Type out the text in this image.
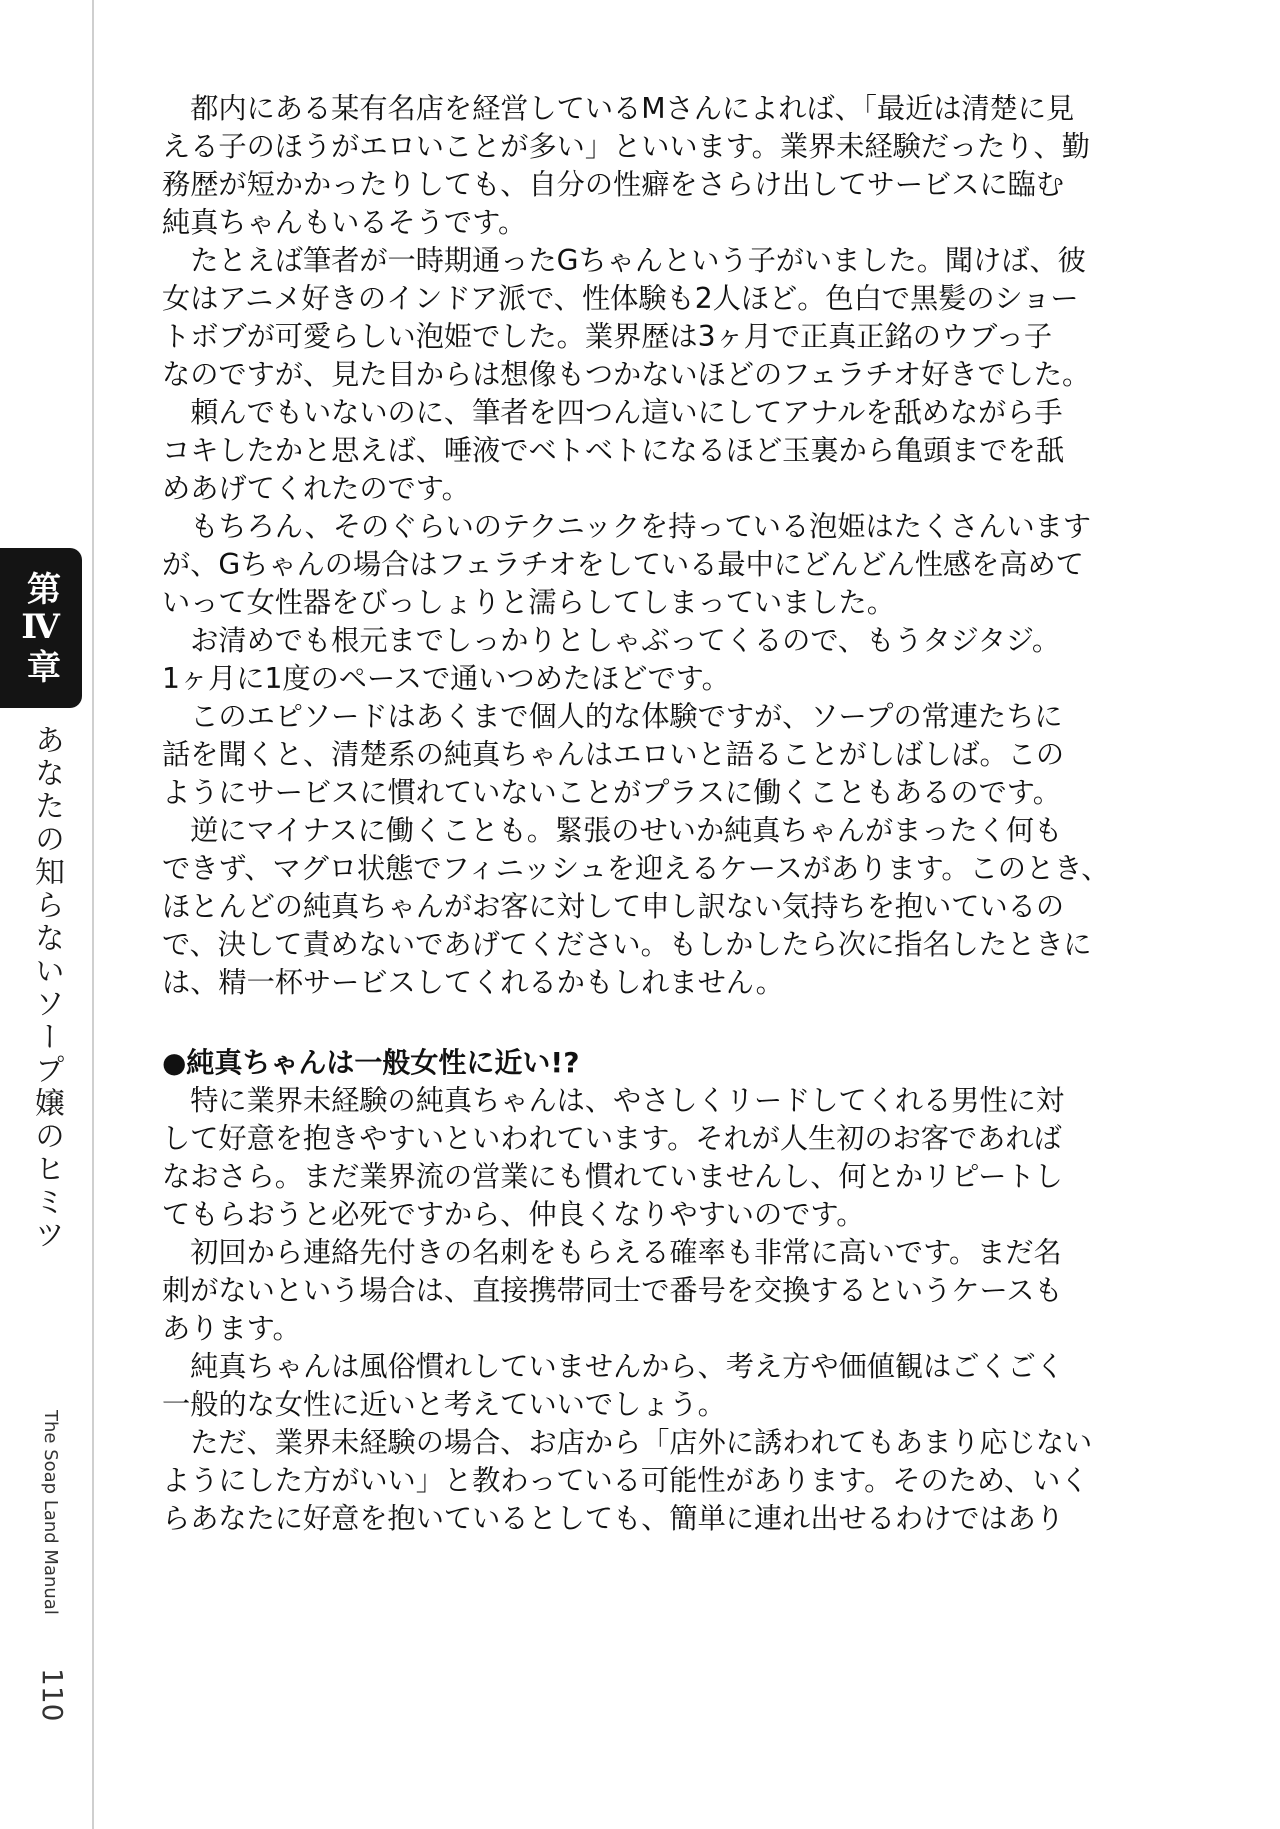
第Ⅳ章
あなたの知らないソープ嬢のヒミツ
The Soap Land Manual
110
　都内にある某有名店を経営しているMさんによれば、「最近は清楚に見
える子のほうがエロいことが多い」といいます。業界未経験だったり、勤
務歴が短かかったりしても、自分の性癖をさらけ出してサービスに臨む
純真ちゃんもいるそうです。
　たとえば筆者が一時期通ったGちゃんという子がいました。聞けば、彼
女はアニメ好きのインドア派で、性体験も2人ほど。色白で黒髪のショー
トボブが可愛らしい泡姫でした。業界歴は3ヶ月で正真正銘のウブっ子
なのですが、見た目からは想像もつかないほどのフェラチオ好きでした。
　頼んでもいないのに、筆者を四つん這いにしてアナルを舐めながら手
コキしたかと思えば、唾液でベトベトになるほど玉裏から亀頭までを舐
めあげてくれたのです。
　もちろん、そのぐらいのテクニックを持っている泡姫はたくさんいます
が、Gちゃんの場合はフェラチオをしている最中にどんどん性感を高めて
いって女性器をびっしょりと濡らしてしまっていました。
　お清めでも根元までしっかりとしゃぶってくるので、もうタジタジ。
1ヶ月に1度のペースで通いつめたほどです。
　このエピソードはあくまで個人的な体験ですが、ソープの常連たちに
話を聞くと、清楚系の純真ちゃんはエロいと語ることがしばしば。この
ようにサービスに慣れていないことがプラスに働くこともあるのです。
　逆にマイナスに働くことも。緊張のせいか純真ちゃんがまったく何も
できず、マグロ状態でフィニッシュを迎えるケースがあります。このとき、
ほとんどの純真ちゃんがお客に対して申し訳ない気持ちを抱いているの
で、決して責めないであげてください。もしかしたら次に指名したときに
は、精一杯サービスしてくれるかもしれません。
●純真ちゃんは一般女性に近い!?
　特に業界未経験の純真ちゃんは、やさしくリードしてくれる男性に対
して好意を抱きやすいといわれています。それが人生初のお客であれば
なおさら。まだ業界流の営業にも慣れていませんし、何とかリピートし
てもらおうと必死ですから、仲良くなりやすいのです。
　初回から連絡先付きの名刺をもらえる確率も非常に高いです。まだ名
刺がないという場合は、直接携帯同士で番号を交換するというケースも
あります。
　純真ちゃんは風俗慣れしていませんから、考え方や価値観はごくごく
一般的な女性に近いと考えていいでしょう。
　ただ、業界未経験の場合、お店から「店外に誘われてもあまり応じない
ようにした方がいい」と教わっている可能性があります。そのため、いく
らあなたに好意を抱いているとしても、簡単に連れ出せるわけではあり
